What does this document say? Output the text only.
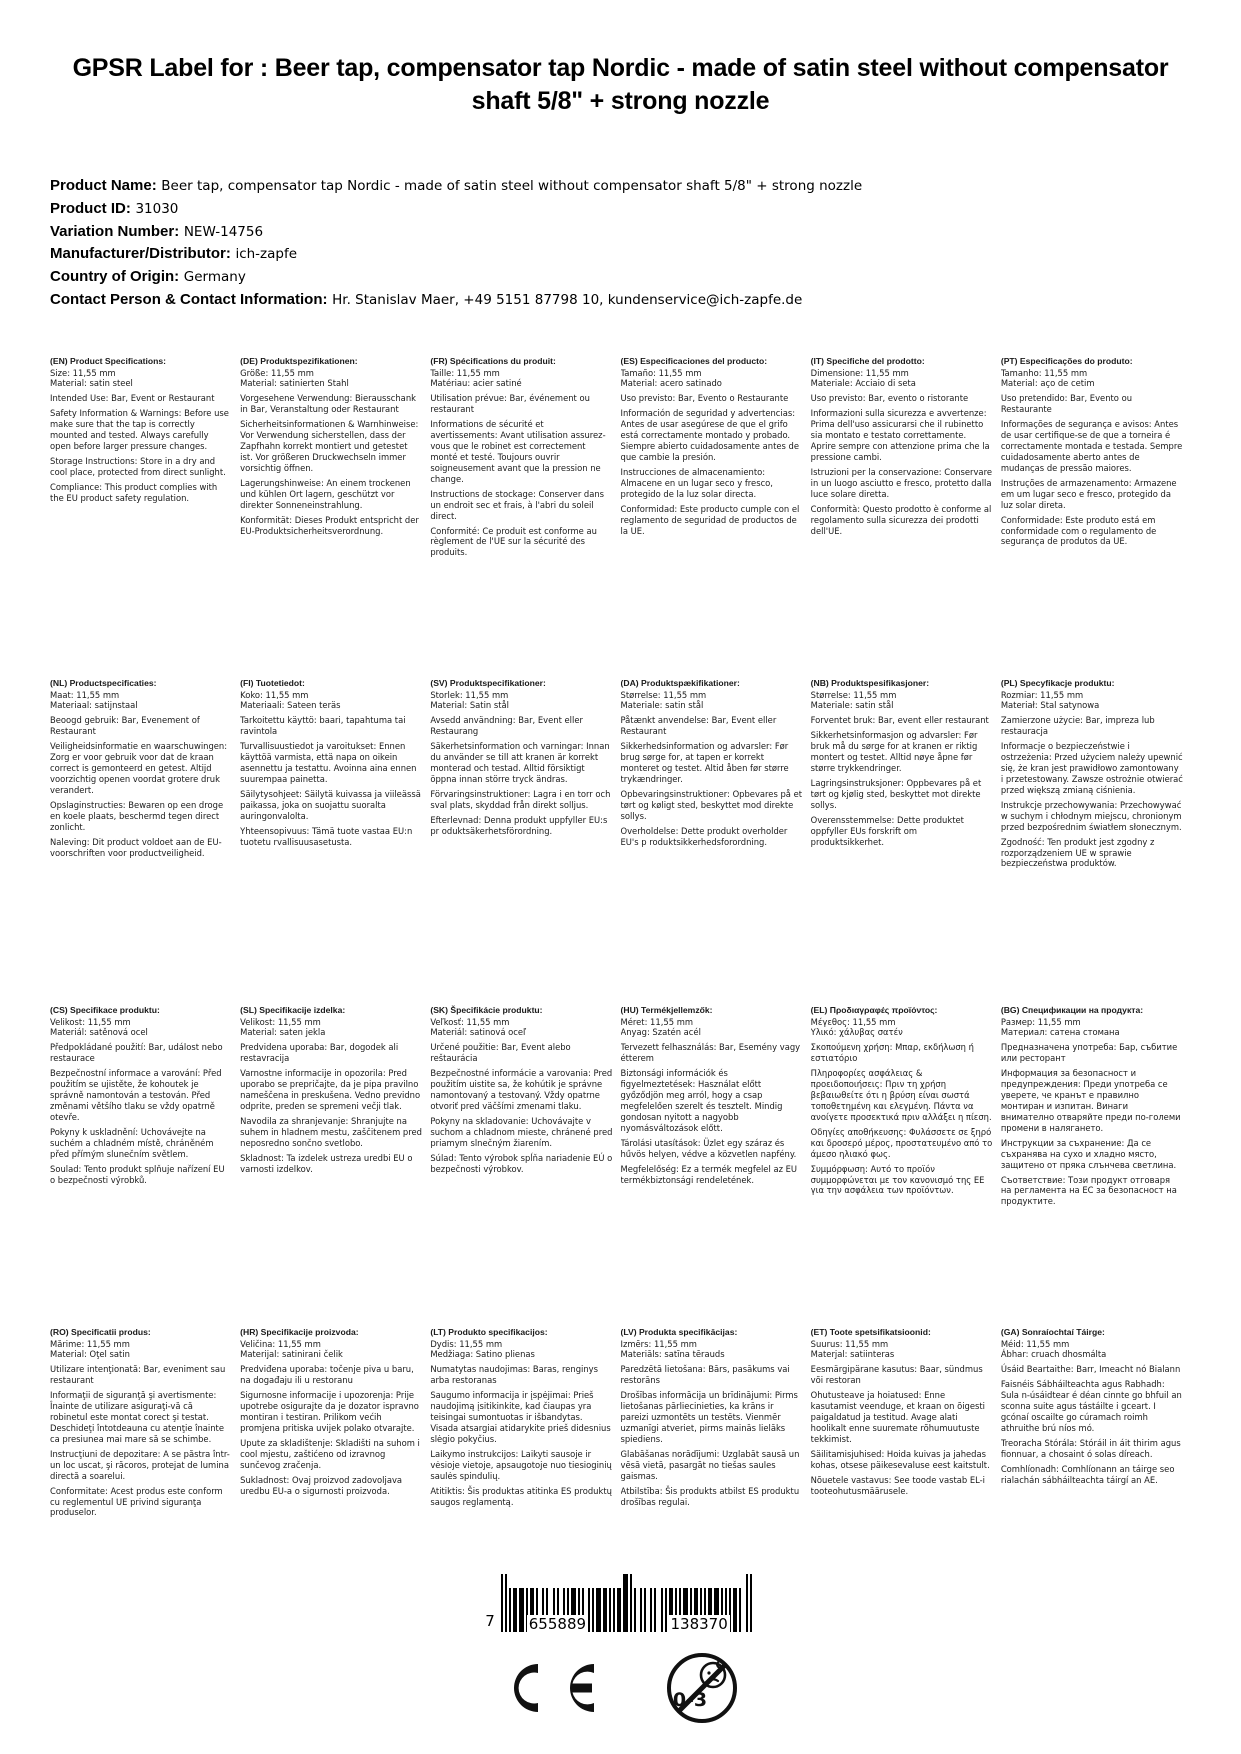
GPSR Label for : Beer tap, compensator tap Nordic - made of satin steel without compensator shaft 5/8" + strong nozzle
Product Name: Beer tap, compensator tap Nordic - made of satin steel without compensator shaft 5/8" + strong nozzle
Product ID: 31030
Variation Number: NEW-14756
Manufacturer/Distributor: ich-zapfe
Country of Origin: Germany
Contact Person & Contact Information: Hr. Stanislav Maer, +49 5151 87798 10, kundenservice@ich-zapfe.de
(EN) Product Specifications:
Size: 11,55 mm

Material: satin steel

Intended Use: Bar, Event or Restaurant

Safety Information & Warnings: Before use make sure that the tap is correctly mounted and tested. Always carefully open before larger pressure changes.

Storage Instructions: Store in a dry and cool place, protected from direct sunlight.

Compliance: This product complies with the EU product safety regulation.

(DE) Produktspezifikationen:
Größe: 11,55 mm

Material: satinierten Stahl

Vorgesehene Verwendung: Bierausschank in Bar, Veranstaltung oder Restaurant

Sicherheitsinformationen & Warnhinweise: Vor Verwendung sicherstellen, dass der Zapfhahn korrekt montiert und getestet ist. Vor größeren Druckwechseln immer vorsichtig öffnen.

Lagerungshinweise: An einem trockenen und kühlen Ort lagern, geschützt vor direkter Sonneneinstrahlung.

Konformität: Dieses Produkt entspricht der EU-Produktsicherheitsverordnung.

(FR) Spécifications du produit:
Taille: 11,55 mm

Matériau: acier satiné

Utilisation prévue: Bar, événement ou restaurant

Informations de sécurité et avertissements: Avant utilisation assurez-vous que le robinet est correctement monté et testé. Toujours ouvrir soigneusement avant que la pression ne change.

Instructions de stockage: Conserver dans un endroit sec et frais, à l'abri du soleil direct.

Conformité: Ce produit est conforme au règlement de l'UE sur la sécurité des produits.

(ES) Especificaciones del producto:
Tamaño: 11,55 mm

Material: acero satinado

Uso previsto: Bar, Evento o Restaurante

Información de seguridad y advertencias: Antes de usar asegúrese de que el grifo está correctamente montado y probado. Siempre abierto cuidadosamente antes de que cambie la presión.

Instrucciones de almacenamiento: Almacene en un lugar seco y fresco, protegido de la luz solar directa.

Conformidad: Este producto cumple con el reglamento de seguridad de productos de la UE.

(IT) Specifiche del prodotto:
Dimensione: 11,55 mm

Materiale: Acciaio di seta

Uso previsto: Bar, evento o ristorante

Informazioni sulla sicurezza e avvertenze: Prima dell'uso assicurarsi che il rubinetto sia montato e testato correttamente. Aprire sempre con attenzione prima che la pressione cambi.

Istruzioni per la conservazione: Conservare in un luogo asciutto e fresco, protetto dalla luce solare diretta.

Conformità: Questo prodotto è conforme al regolamento sulla sicurezza dei prodotti dell'UE.

(PT) Especificações do produto:
Tamanho: 11,55 mm

Material: aço de cetim

Uso pretendido: Bar, Evento ou Restaurante

Informações de segurança e avisos: Antes de usar certifique-se de que a torneira é correctamente montada e testada. Sempre cuidadosamente aberto antes de mudanças de pressão maiores.

Instruções de armazenamento: Armazene em um lugar seco e fresco, protegido da luz solar direta.

Conformidade: Este produto está em conformidade com o regulamento de segurança de produtos da UE.

(NL) Productspecificaties:
Maat: 11,55 mm

Materiaal: satijnstaal

Beoogd gebruik: Bar, Evenement of Restaurant

Veiligheidsinformatie en waarschuwingen: Zorg er voor gebruik voor dat de kraan correct is gemonteerd en getest. Altijd voorzichtig openen voordat grotere druk verandert.

Opslaginstructies: Bewaren op een droge en koele plaats, beschermd tegen direct zonlicht.

Naleving: Dit product voldoet aan de EU-voorschriften voor productveiligheid.

(FI) Tuotetiedot:
Koko: 11,55 mm

Materiaali: Sateen teräs

Tarkoitettu käyttö: baari, tapahtuma tai ravintola

Turvallisuustiedot ja varoitukset: Ennen käyttöä varmista, että napa on oikein asennettu ja testattu. Avoinna aina ennen suurempaa painetta.

Säilytysohjeet: Säilytä kuivassa ja viileässä paikassa, joka on suojattu suoralta auringonvalolta.

Yhteensopivuus: Tämä tuote vastaa EU:n tuotetu rvallisuusasetusta.

(SV) Produktspecifikationer:
Storlek: 11,55 mm

Material: Satin stål

Avsedd användning: Bar, Event eller Restaurang

Säkerhetsinformation och varningar: Innan du använder se till att kranen är korrekt monterad och testad. Alltid försiktigt öppna innan större tryck ändras.

Förvaringsinstruktioner: Lagra i en torr och sval plats, skyddad från direkt solljus.

Efterlevnad: Denna produkt uppfyller EU:s pr oduktsäkerhetsförordning.

(DA) Produktspækifikationer:
Størrelse: 11,55 mm

Materiale: satin stål

Påtænkt anvendelse: Bar, Event eller Restaurant

Sikkerhedsinformation og advarsler: Før brug sørge for, at tapen er korrekt monteret og testet. Altid åben før større trykændringer.

Opbevaringsinstruktioner: Opbevares på et tørt og køligt sted, beskyttet mod direkte sollys.

Overholdelse: Dette produkt overholder EU's p roduktsikkerhedsforordning.

(NB) Produktspesifikasjoner:
Størrelse: 11,55 mm

Materiale: satin stål

Forventet bruk: Bar, event eller restaurant

Sikkerhetsinformasjon og advarsler: Før bruk må du sørge for at kranen er riktig montert og testet. Alltid nøye åpne før større trykkendringer.

Lagringsinstruksjoner: Oppbevares på et tørt og kjølig sted, beskyttet mot direkte sollys.

Overensstemmelse: Dette produktet oppfyller EUs forskrift om produktsikkerhet.

(PL) Specyfikacje produktu:
Rozmiar: 11,55 mm

Materiał: Stal satynowa

Zamierzone użycie: Bar, impreza lub restauracja

Informacje o bezpieczeństwie i ostrzeżenia: Przed użyciem należy upewnić się, że kran jest prawidłowo zamontowany i przetestowany. Zawsze ostrożnie otwierać przed większą zmianą ciśnienia.

Instrukcje przechowywania: Przechowywać w suchym i chłodnym miejscu, chronionym przed bezpośrednim światłem słonecznym.

Zgodność: Ten produkt jest zgodny z rozporządzeniem UE w sprawie bezpieczeństwa produktów.

(CS) Specifikace produktu:
Velikost: 11,55 mm

Materiál: satěnová ocel

Předpokládané použití: Bar, událost nebo restaurace

Bezpečnostní informace a varování: Před použitím se ujistěte, že kohoutek je správně namontován a testován. Před změnami většího tlaku se vždy opatrně otevře.

Pokyny k uskladnění: Uchovávejte na suchém a chladném místě, chráněném před přímým slunečním světlem.

Soulad: Tento produkt splňuje nařízení EU o bezpečnosti výrobků.

(SL) Specifikacije izdelka:
Velikost: 11,55 mm

Material: saten jekla

Predvidena uporaba: Bar, dogodek ali restavracija

Varnostne informacije in opozorila: Pred uporabo se prepričajte, da je pipa pravilno nameščena in preskušena. Vedno previdno odprite, preden se spremeni večji tlak.

Navodila za shranjevanje: Shranjujte na suhem in hladnem mestu, zaščitenem pred neposredno sončno svetlobo.

Skladnost: Ta izdelek ustreza uredbi EU o varnosti izdelkov.

(SK) Špecifikácie produktu:
Veľkosť: 11,55 mm

Materiál: satinová oceľ

Určené použitie: Bar, Event alebo reštaurácia

Bezpečnostné informácie a varovania: Pred použitím uistite sa, že kohútik je správne namontovaný a testovaný. Vždy opatrne otvoriť pred väčšími zmenami tlaku.

Pokyny na skladovanie: Uchovávajte v suchom a chladnom mieste, chránené pred priamym slnečným žiarením.

Súlad: Tento výrobok spĺňa nariadenie EÚ o bezpečnosti výrobkov.

(HU) Termékjellemzők:
Méret: 11,55 mm

Anyag: Szatén acél

Tervezett felhasználás: Bar, Esemény vagy étterem

Biztonsági információk és figyelmeztetések: Használat előtt győződjön meg arról, hogy a csap megfelelően szerelt és tesztelt. Mindig gondosan nyitott a nagyobb nyomásváltozások előtt.

Tárolási utasítások: Üzlet egy száraz és hűvös helyen, védve a közvetlen napfény.

Megfelelőség: Ez a termék megfelel az EU termékbiztonsági rendeletének.

(EL) Προδιαγραφές προϊόντος:
Μέγεθος: 11,55 mm

Υλικό: χάλυβας σατέν

Σκοπούμενη χρήση: Μπαρ, εκδήλωση ή εστιατόριο

Πληροφορίες ασφάλειας & προειδοποιήσεις: Πριν τη χρήση βεβαιωθείτε ότι η βρύση είναι σωστά τοποθετημένη και ελεγμένη. Πάντα να ανοίγετε προσεκτικά πριν αλλάξει η πίεση.

Οδηγίες αποθήκευσης: Φυλάσσετε σε ξηρό και δροσερό μέρος, προστατευμένο από το άμεσο ηλιακό φως.

Συμμόρφωση: Αυτό το προϊόν συμμορφώνεται με τον κανονισμό της ΕΕ για την ασφάλεια των προϊόντων.

(BG) Спецификации на продукта:
Размер: 11,55 mm

Материал: сатена стомана

Предназначена употреба: Бар, събитие или ресторант

Информация за безопасност и предупреждения: Преди употреба се уверете, че кранът е правилно монтиран и изпитан. Винаги внимателно отваряйте преди по-големи промени в налягането.

Инструкции за съхранение: Да се съхранява на сухо и хладно място, защитено от пряка слънчева светлина.

Съответствие: Този продукт отговаря на регламента на ЕС за безопасност на продуктите.

(RO) Specificatii produs:
Mărime: 11,55 mm

Material: Oţel satin

Utilizare intenţionată: Bar, eveniment sau restaurant

Informaţii de siguranţă şi avertismente: Înainte de utilizare asiguraţi-vă că robinetul este montat corect şi testat. Deschideţi întotdeauna cu atenţie înainte ca presiunea mai mare să se schimbe.

Instrucţiuni de depozitare: A se păstra într- un loc uscat, şi răcoros, protejat de lumina directă a soarelui.

Conformitate: Acest produs este conform cu reglementul UE privind siguranţa produselor.

(HR) Specifikacije proizvoda:
Veličina: 11,55 mm

Materijal: satinirani čelik

Predviđena uporaba: točenje piva u baru, na događaju ili u restoranu

Sigurnosne informacije i upozorenja: Prije upotrebe osigurajte da je dozator ispravno montiran i testiran. Prilikom većih promjena pritiska uvijek polako otvarajte.

Upute za skladištenje: Skladišti na suhom i cool mjestu, zaštićeno od izravnog sunčevog zračenja.

Sukladnost: Ovaj proizvod zadovoljava uredbu EU-a o sigurnosti proizvoda.

(LT) Produkto specifikacijos:
Dydis: 11,55 mm

Medžiaga: Satino plienas

Numatytas naudojimas: Baras, renginys arba restoranas

Saugumo informacija ir įspėjimai: Prieš naudojimą įsitikinkite, kad čiaupas yra teisingai sumontuotas ir išbandytas. Visada atsargiai atidarykite prieš didesnius slėgio pokyčius.

Laikymo instrukcijos: Laikyti sausoje ir vėsioje vietoje, apsaugotoje nuo tiesioginių saulės spindulių.

Atitiktis: Šis produktas atitinka ES produktų saugos reglamentą.

(LV) Produkta specifikācijas:
Izmērs: 11,55 mm

Materiāls: satīna tērauds

Paredzētā lietošana: Bārs, pasākums vai restorāns

Drošības informācija un brīdinājumi: Pirms lietošanas pārliecinieties, ka krāns ir pareizi uzmontēts un testēts. Vienmēr uzmanīgi atveriet, pirms mainās lielāks spiediens.

Glabāšanas norādījumi: Uzglabāt sausā un vēsā vietā, pasargāt no tiešas saules gaismas.

Atbilstība: Šis produkts atbilst ES produktu drošības regulai.

(ET) Toote spetsifikatsioonid:
Suurus: 11,55 mm

Materjal: satiinteras

Eesmärgipärane kasutus: Baar, sündmus või restoran

Ohutusteave ja hoiatused: Enne kasutamist veenduge, et kraan on õigesti paigaldatud ja testitud. Avage alati hoolikalt enne suuremate rõhumuutuste tekkimist.

Säilitamisjuhised: Hoida kuivas ja jahedas kohas, otsese päikesevaluse eest kaitstult.

Nõuetele vastavus: See toode vastab EL-i tooteohutusmäärusele.

(GA) Sonraíochtaí Táirge:
Méid: 11,55 mm

Ábhar: cruach dhosmálta

Úsáid Beartaithe: Barr, Imeacht nó Bialann

Faisnéis Sábháilteachta agus Rabhadh: Sula n-úsáidtear é déan cinnte go bhfuil an sconna suite agus tástáilte i gceart. I gcónaí oscailte go cúramach roimh athruithe brú níos mó.

Treoracha Stórála: Stóráil in áit thirim agus fionnuar, a chosaint ó solas díreach.

Comhlíonadh: Comhlíonann an táirge seo rialachán sábháilteachta táirgí an AE.

7 655889	138370
0-3
